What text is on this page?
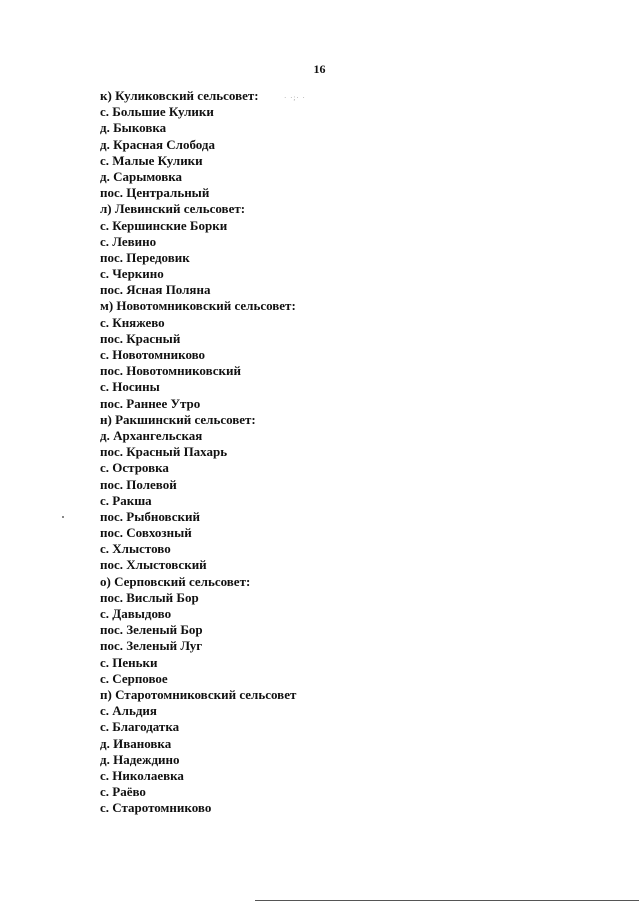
16
· ·;· ·
к) Куликовский сельсовет:
с. Большие Кулики
д. Быковка
д. Красная Слобода
с. Малые Кулики
д. Сарымовка
пос. Центральный
л) Левинский сельсовет:
с. Кершинские Борки
с. Левино
пос. Передовик
с. Черкино
пос. Ясная Поляна
м) Новотомниковский сельсовет:
с. Княжево
пос. Красный
с. Новотомниково
пос. Новотомниковский
с. Носины
пос. Раннее Утро
н) Ракшинский сельсовет:
д. Архангельская
пос. Красный Пахарь
с. Островка
пос. Полевой
с. Ракша
пос. Рыбновский
пос. Совхозный
с. Хлыстово
пос. Хлыстовский
о) Серповский сельсовет:
пос. Вислый Бор
с. Давыдово
пос. Зеленый Бор
пос. Зеленый Луг
с. Пеньки
с. Серповое
п) Старотомниковский сельсовет
с. Альдия
с. Благодатка
д. Ивановка
д. Надеждино
с. Николаевка
с. Раёво
с. Старотомниково
